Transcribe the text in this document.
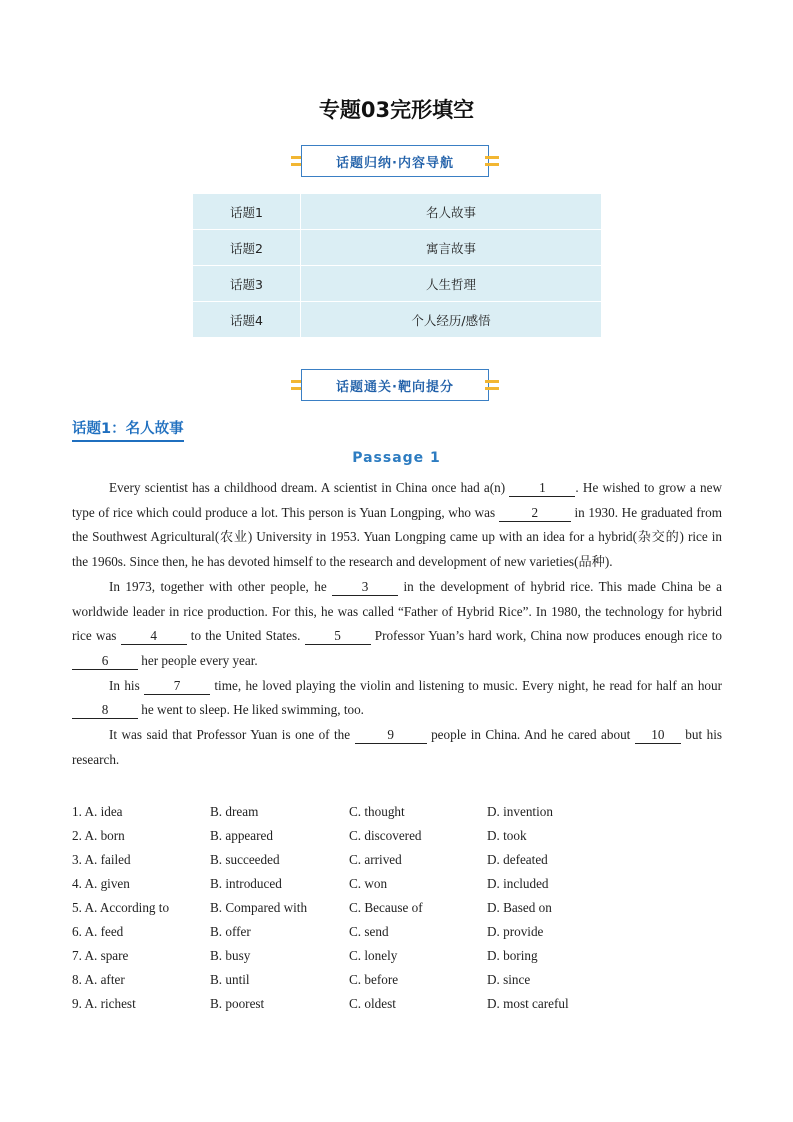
专题03完形填空
话题归纳·内容导航
话题1	名人故事
话题2	寓言故事
话题3	人生哲理
话题4	个人经历/感悟
话题通关·靶向提分
话题1：名人故事
Passage 1

Every scientist has a childhood dream. A scientist in China once had a(n) 1 . He wished to grow a new type of rice which could produce a lot. This person is Yuan Longping, who was 2 in 1930. He graduated from the Southwest Agricultural(农业) University in 1953. Yuan Longping came up with an idea for a hybrid(杂交的) rice in the 1960s. Since then, he has devoted himself to the research and development of new varieties(品种).

In 1973, together with other people, he 3 in the development of hybrid rice. This made China be a worldwide leader in rice production. For this, he was called “Father of Hybrid Rice”. In 1980, the technology for hybrid rice was 4 to the United States. 5 Professor Yuan’s hard work, China now produces enough rice to 6 her people every year.

In his 7 time, he loved playing the violin and listening to music. Every night, he read for half an hour 8 he went to sleep. He liked swimming, too.

It was said that Professor Yuan is one of the 9 people in China. And he cared about 10 but his research.

1. A. idea	B. dream	C. thought	D. invention
2. A. born	B. appeared	C. discovered	D. took
3. A. failed	B. succeeded	C. arrived	D. defeated
4. A. given	B. introduced	C. won	D. included
5. A. According to	B. Compared with	C. Because of	D. Based on
6. A. feed	B. offer	C. send	D. provide
7. A. spare	B. busy	C. lonely	D. boring
8. A. after	B. until	C. before	D. since
9. A. richest	B. poorest	C. oldest	D. most careful
